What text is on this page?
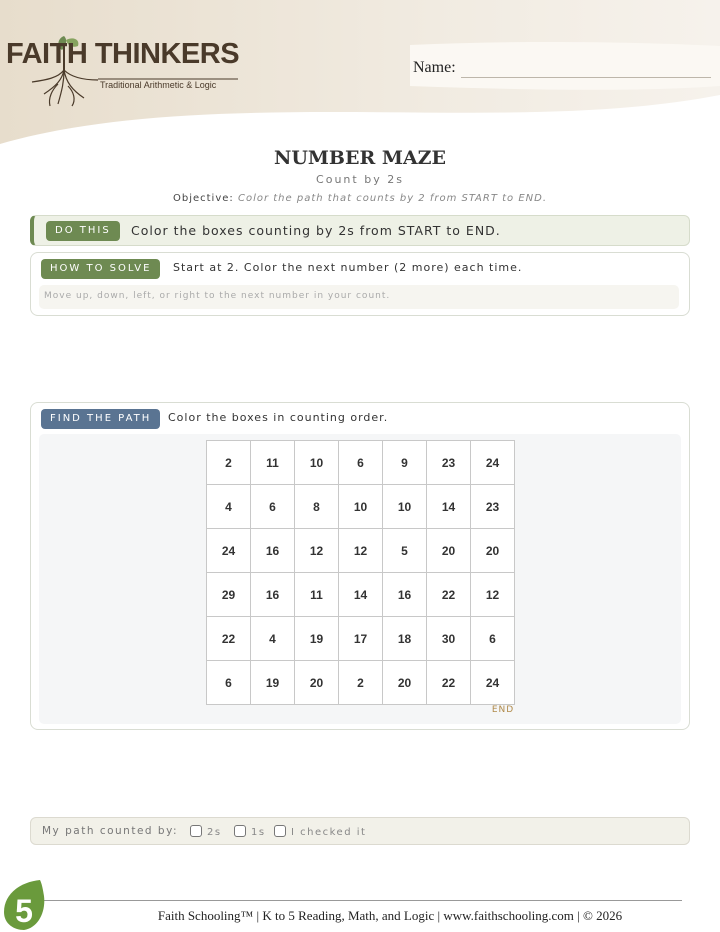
FAITH THINKERS
Traditional Arithmetic & Logic
Name:
NUMBER MAZE
Count by 2s
Objective: Color the path that counts by 2 from START to END.
DO THIS	Color the boxes counting by 2s from START to END.
HOW TO SOLVE	Start at 2. Color the next number (2 more) each time.
Move up, down, left, or right to the next number in your count.
FIND THE PATH	Color the boxes in counting order.
2	11	10	6	9	23	24
4	6	8	10	10	14	23
24	16	12	12	5	20	20
29	16	11	14	16	22	12
22	4	19	17	18	30	6
6	19	20	2	20	22	24
END
My path counted by:	2s	1s	I checked it
5	Faith Schooling™ | K to 5 Reading, Math, and Logic | www.faithschooling.com | © 2026
